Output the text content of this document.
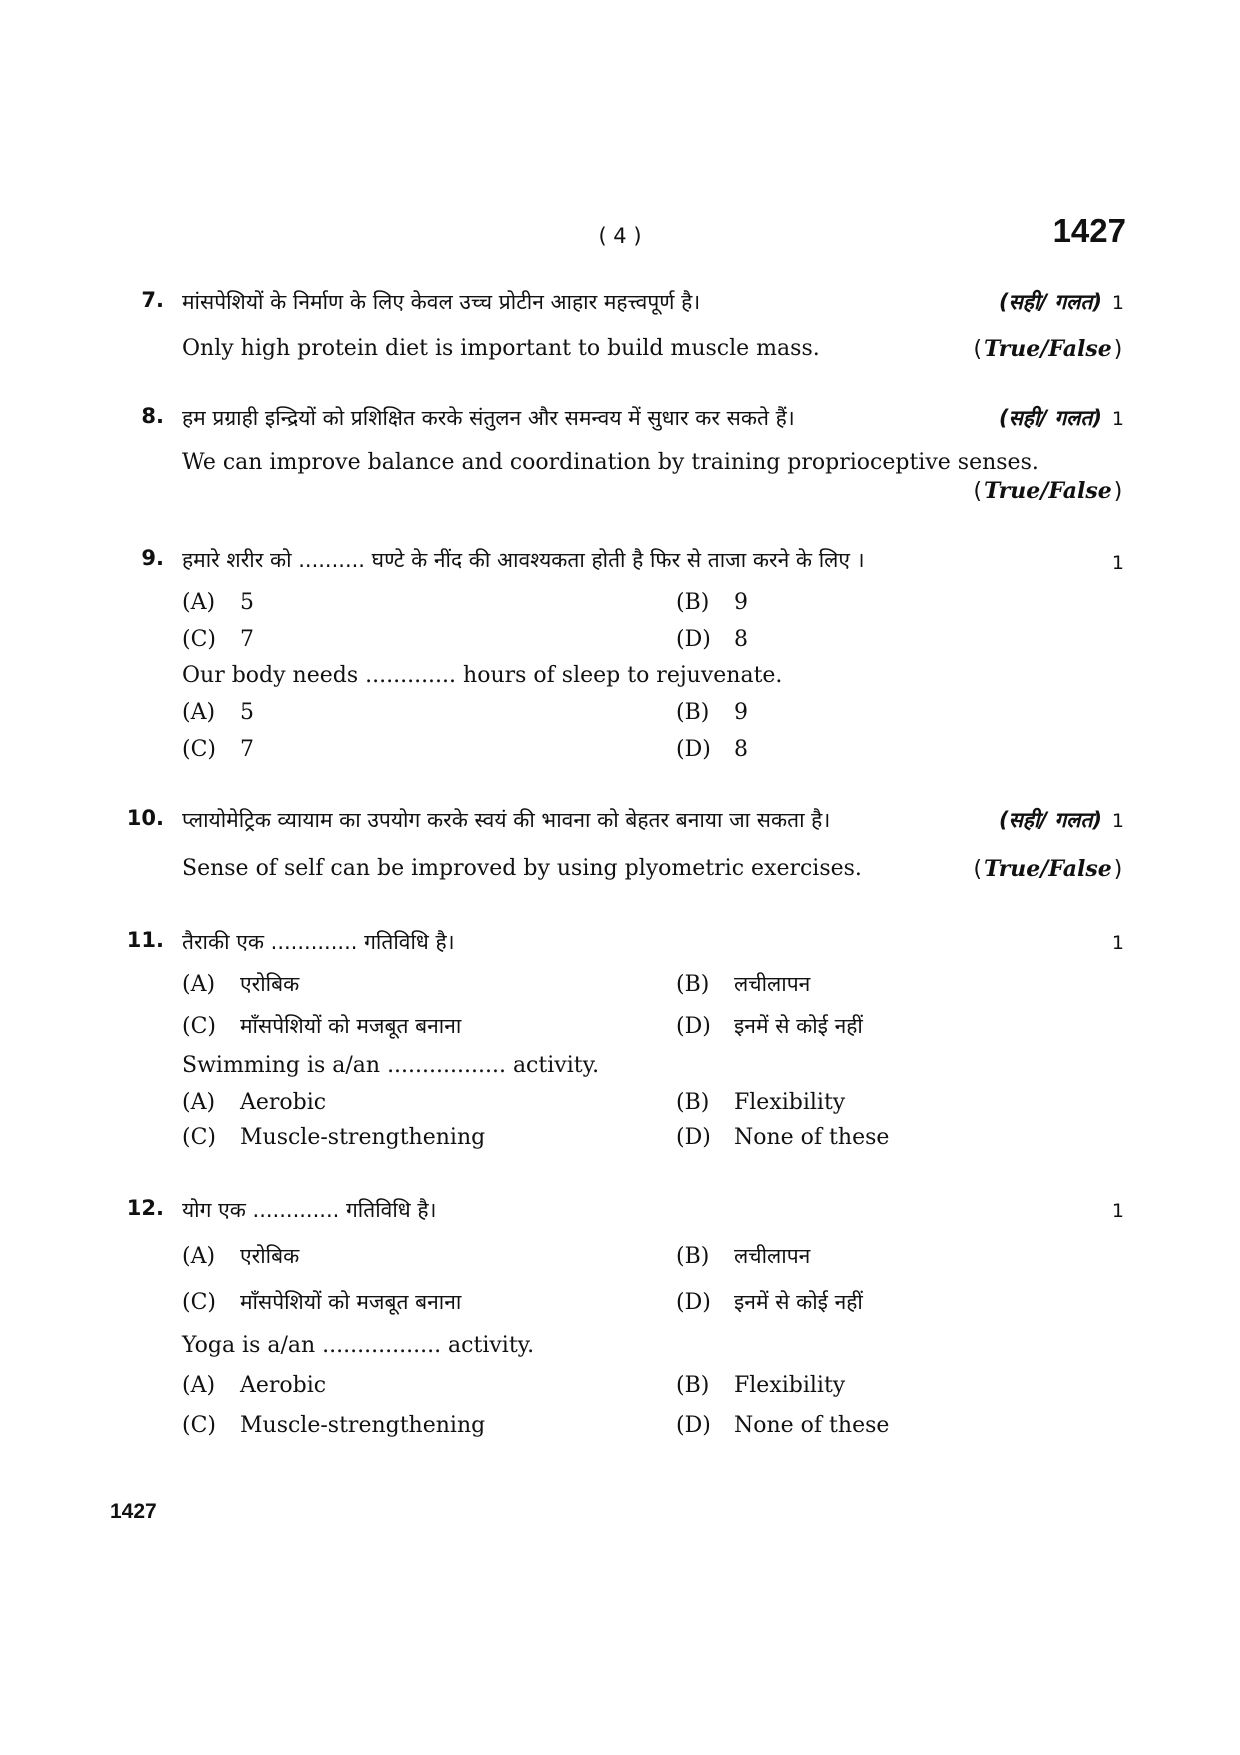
( 4 )	1427
7. मांसपेशियों के निर्माण के लिए केवल उच्च प्रोटीन आहार महत्त्वपूर्ण है।	(सही/ गलत) 1
Only high protein diet is important to build muscle mass.	(True/False)
8. हम प्रग्राही इन्द्रियों को प्रशिक्षित करके संतुलन और समन्वय में सुधार कर सकते हैं।	(सही/ गलत) 1
We can improve balance and coordination by training proprioceptive senses.
(True/False)
9. हमारे शरीर को .......... घण्टे के नींद की आवश्यकता होती है फिर से ताजा करने के लिए ।	1
(A) 5	(B) 9
(C) 7	(D) 8
Our body needs ............. hours of sleep to rejuvenate.
(A) 5	(B) 9
(C) 7	(D) 8
10. प्लायोमेट्रिक व्यायाम का उपयोग करके स्वयं की भावना को बेहतर बनाया जा सकता है।	(सही/ गलत) 1
Sense of self can be improved by using plyometric exercises.	(True/False)
11. तैराकी एक ............. गतिविधि है।	1
(A) एरोबिक	(B) लचीलापन
(C) माँसपेशियों को मजबूत बनाना	(D) इनमें से कोई नहीं
Swimming is a/an ................. activity.
(A) Aerobic	(B) Flexibility
(C) Muscle-strengthening	(D) None of these
12. योग एक ............. गतिविधि है।	1
(A) एरोबिक	(B) लचीलापन
(C) माँसपेशियों को मजबूत बनाना	(D) इनमें से कोई नहीं
Yoga is a/an ................. activity.
(A) Aerobic	(B) Flexibility
(C) Muscle-strengthening	(D) None of these
1427
